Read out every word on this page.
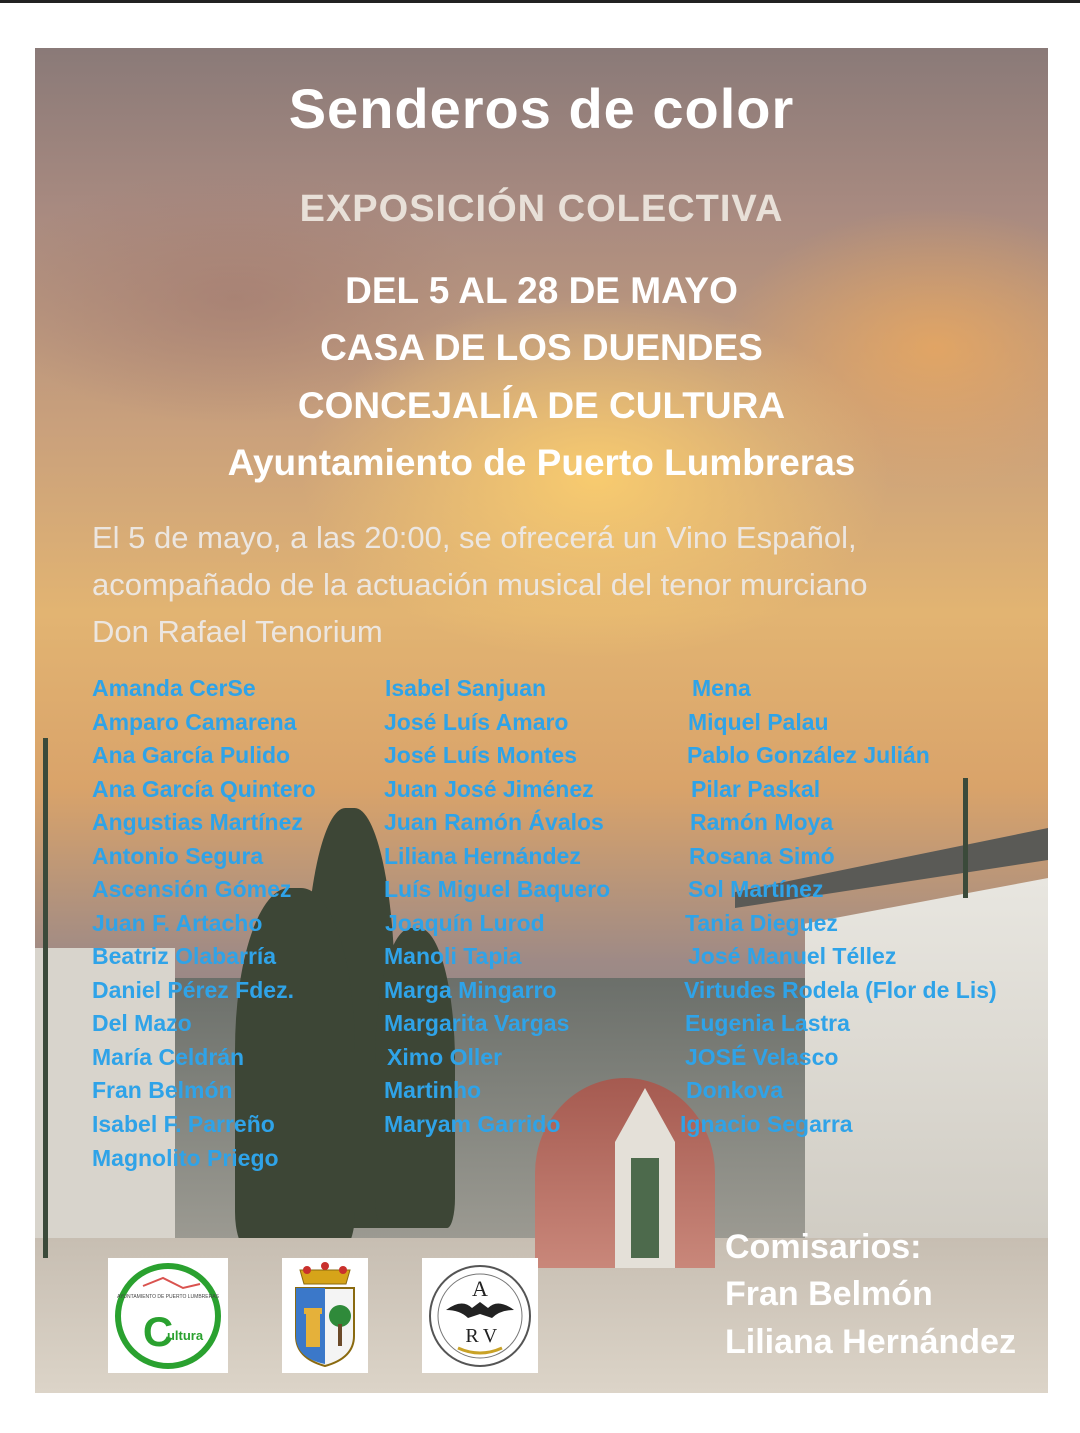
Senderos de color
EXPOSICIÓN COLECTIVA
DEL 5 AL 28 DE MAYO
CASA DE LOS DUENDES
CONCEJALÍA DE CULTURA
Ayuntamiento de Puerto Lumbreras
El 5 de mayo, a las 20:00, se ofrecerá un Vino Español,
acompañado de la actuación musical del tenor murciano
Don Rafael Tenorium
Amanda CerSe
Amparo Camarena
Ana García Pulido
Ana García Quintero
Angustias Martínez
Antonio Segura
Ascensión Gómez
Juan F. Artacho
Beatriz Olabarría
Daniel Pérez Fdez.
Del Mazo
María Celdrán
Fran Belmón
Isabel F. Parreño
Magnolito Priego
Isabel Sanjuan
José Luís Amaro
José Luís Montes
Juan José Jiménez
Juan Ramón Ávalos
Liliana Hernández
Luís Miguel Baquero
Joaquín Lurod
Manoli Tapia
Marga Mingarro
Margarita Vargas
Ximo Oller
Martinho
Maryam Garrido
Mena
Miquel Palau
Pablo González Julián
Pilar Paskal
Ramón Moya
Rosana Simó
Sol Martínez
Tania Dieguez
José Manuel Téllez
Virtudes Rodela (Flor de Lis)
Eugenia Lastra
JOSÉ Velasco
Donkova
Ignacio Segarra
AYUNTAMIENTO DE PUERTO LUMBRERAS
C
ultura
A
R V
Comisarios:
Fran Belmón
Liliana Hernández
